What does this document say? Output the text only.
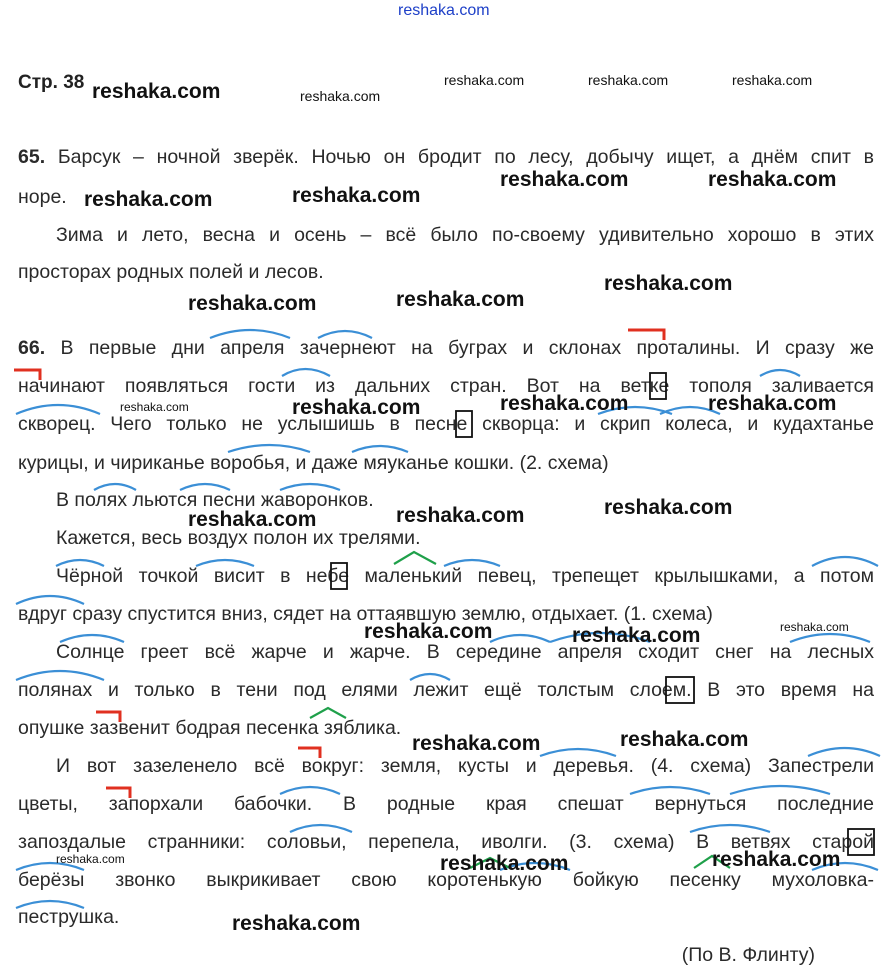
reshaka.com
Стр. 38
65. Барсук – ночной зверёк. Ночью он бродит по лесу, добычу ищет, а днём спит в
норе.
Зима и лето, весна и осень – всё было по-своему удивительно хорошо в этих
просторах родных полей и лесов.
66. В первые дни апреля зачернеют на буграх и склонах проталины. И сразу же
начинают появляться гости из дальних стран. Вот на ветке тополя заливается
скворец. Чего только не услышишь в песне скворца: и скрип колеса, и кудахтанье
курицы, и чириканье воробья, и даже мяуканье кошки. (2. схема)
В полях льются песни жаворонков.
Кажется, весь воздух полон их трелями.
Чёрной точкой висит в небе маленький певец, трепещет крылышками, а потом
вдруг сразу спустится вниз, сядет на оттаявшую землю, отдыхает. (1. схема)
Солнце греет всё жарче и жарче. В середине апреля сходит снег на лесных
полянах и только в тени под елями лежит ещё толстым слоем. В это время на
опушке зазвенит бодрая песенка зяблика.
И вот зазеленело всё вокруг: земля, кусты и деревья. (4. схема) Запестрели
цветы, запорхали бабочки. В родные края спешат вернуться последние
запоздалые странники: соловьи, перепела, иволги. (3. схема) В ветвях старой
берёзы звонко выкрикивает свою коротенькую бойкую песенку мухоловка-
пеструшка.
(По В. Флинту)
reshaka.com	reshaka.com
reshaka.com	reshaka.com	reshaka.com
reshaka.com	reshaka.com
reshaka.com	reshaka.com
reshaka.com	reshaka.com
reshaka.com
reshaka.com	reshaka.com	reshaka.com	reshaka.com
reshaka.com	reshaka.com	reshaka.com
reshaka.com	reshaka.com	reshaka.com
reshaka.com	reshaka.com
reshaka.com	reshaka.com	reshaka.com
reshaka.com
